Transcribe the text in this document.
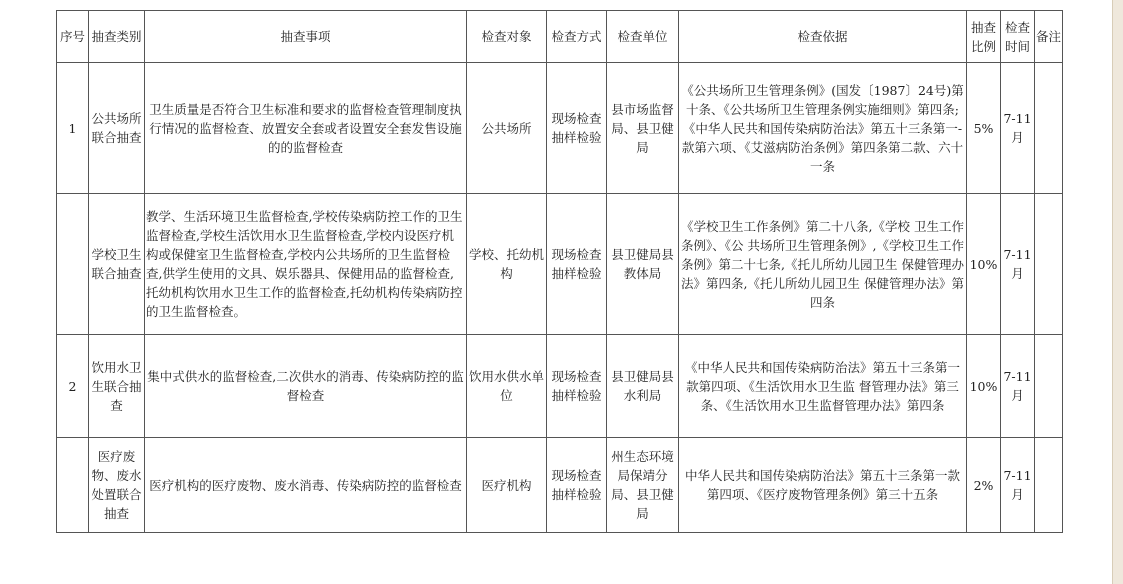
序号	抽查类别	抽查事项	检查对象	检查方式	检查单位	检查依据	抽查比例	检查时间	备注
1	公共场所联合抽查	卫生质量是否符合卫生标准和要求的监督检查管理制度执行情况的监督检查、放置安全套或者设置安全套发售设施的的监督检查	公共场所	现场检查抽样检验	县市场监督局、县卫健局	《公共场所卫生管理条例》(国发〔1987〕24号)第十条、《公共场所卫生管理条例实施细则》第四条;《中华人民共和国传染病防治法》第五十三条第一-款第六项、《艾滋病防治条例》第四条第二款、六十一条	5%	7-11月	
	学校卫生联合抽查	教学、生活环境卫生监督检查,学校传染病防控工作的卫生监督检查,学校生活饮用水卫生监督检查,学校内设医疗机构或保健室卫生监督检查,学校内公共场所的卫生监督检查,供学生使用的文具、娱乐器具、保健用品的监督检查,托幼机构饮用水卫生工作的监督检查,托幼机构传染病防控的卫生监督检查。	学校、托幼机构	现场检查抽样检验	县卫健局县教体局	《学校卫生工作条例》第二十八条,《学校 卫生工作条例》、《公 共场所卫生管理条例》,《学校卫生工作条例》第二十七条,《托儿所幼儿园卫生 保健管理办法》第四条,《托儿所幼儿园卫生 保健管理办法》第四条	10%	7-11月	
2	饮用水卫生联合抽查	集中式供水的监督检查,二次供水的消毒、传染病防控的监督检查	饮用水供水单位	现场检查抽样检验	县卫健局县水利局	《中华人民共和国传染病防治法》第五十三条第一款第四项、《生活饮用水卫生监 督管理办法》第三条、《生活饮用水卫生监督管理办法》第四条	10%	7-11月	
	医疗废物、废水处置联合抽查	医疗机构的医疗废物、废水消毒、传染病防控的监督检查	医疗机构	现场检查抽样检验	州生态环境局保靖分局、县卫健局	中华人民共和国传染病防治法》第五十三条第一款第四项、《医疗废物管理条例》第三十五条	2%	7-11月	
